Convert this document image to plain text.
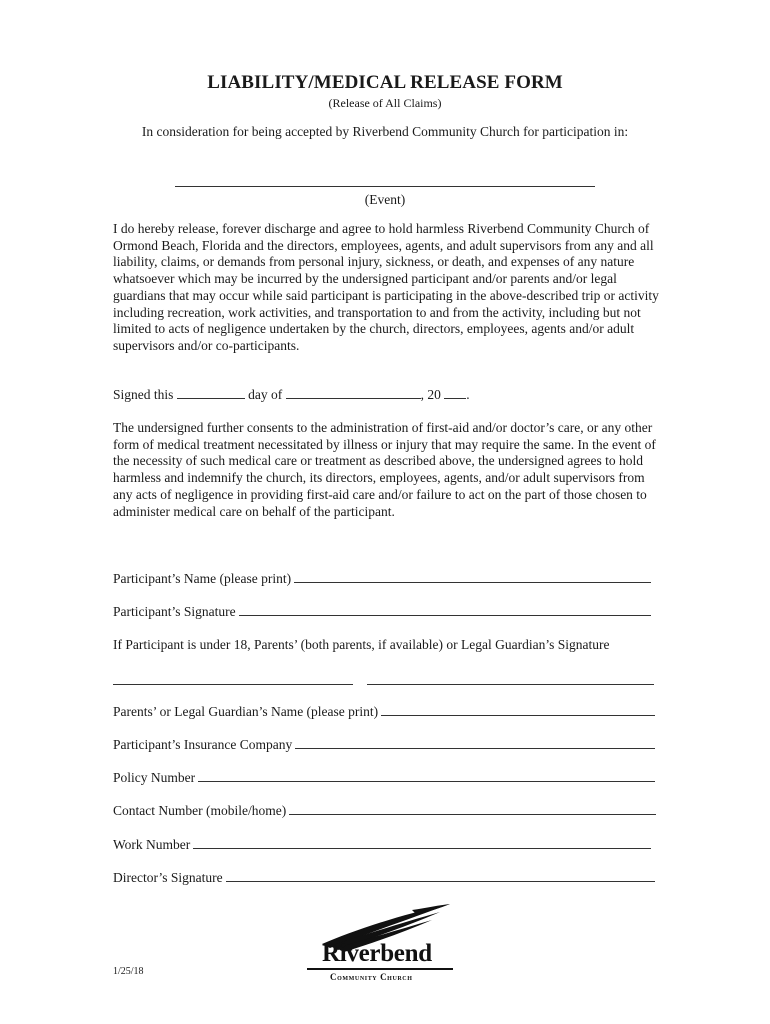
LIABILITY/MEDICAL RELEASE FORM
(Release of All Claims)
In consideration for being accepted by Riverbend Community Church for participation in:
(Event)
I do hereby release, forever discharge and agree to hold harmless Riverbend Community Church of Ormond Beach, Florida and the directors, employees, agents, and adult supervisors from any and all liability, claims, or demands from personal injury, sickness, or death, and expenses of any nature whatsoever which may be incurred by the undersigned participant and/or parents and/or legal guardians that may occur while said participant is participating in the above-described trip or activity including recreation, work activities, and transportation to and from the activity, including but not limited to acts of negligence undertaken by the church, directors, employees, agents and/or adult supervisors and/or co-participants.
Signed this	day of	, 20 .
The undersigned further consents to the administration of first-aid and/or doctor’s care, or any other form of medical treatment necessitated by illness or injury that may require the same. In the event of the necessity of such medical care or treatment as described above, the undersigned agrees to hold harmless and indemnify the church, its directors, employees, agents, and/or adult supervisors from any acts of negligence in providing first-aid care and/or failure to act on the part of those chosen to administer medical care on behalf of the participant.
Participant’s Name (please print)
Participant’s Signature
If Participant is under 18, Parents’ (both parents, if available) or Legal Guardian’s Signature
Parents’ or Legal Guardian’s Name (please print)
Participant’s Insurance Company
Policy Number
Contact Number (mobile/home)
Work Number
Director’s Signature
1/25/18
Riverbend
Community Church
